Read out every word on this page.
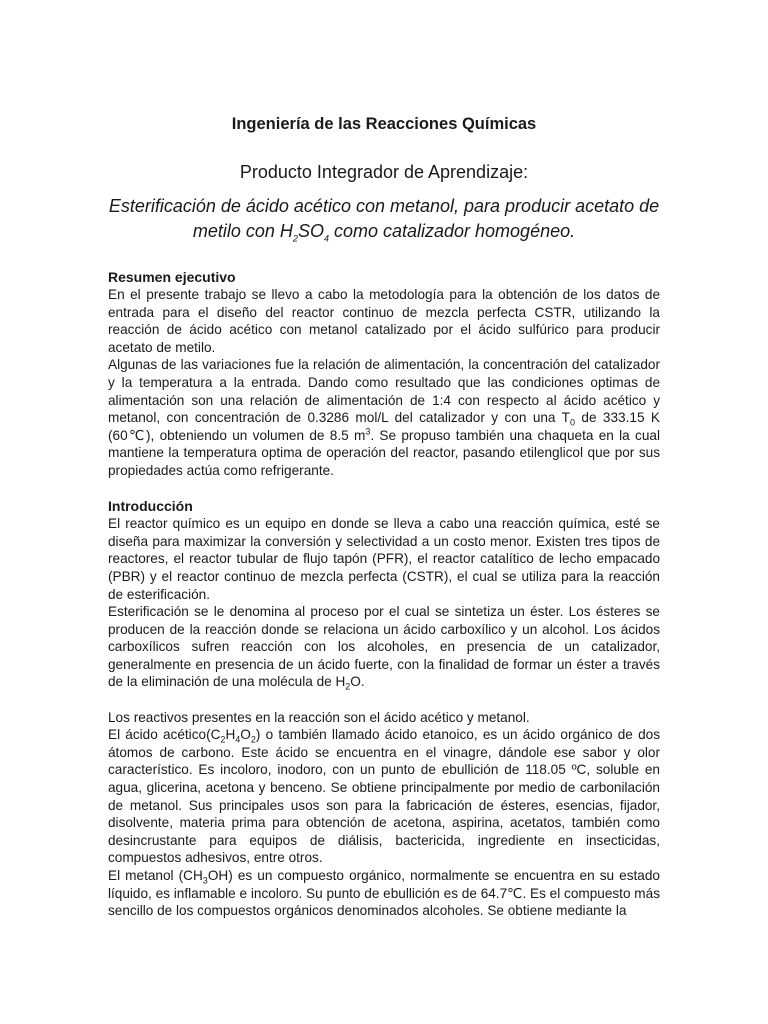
Ingeniería de las Reacciones Químicas
Producto Integrador de Aprendizaje:
Esterificación de ácido acético con metanol, para producir acetato de
metilo con $H_2SO_4$ como catalizador homogéneo.
Resumen ejecutivo

En el presente trabajo se llevo a cabo la metodología para la obtención de los datos de entrada para el diseño del reactor continuo de mezcla perfecta CSTR, utilizando la reacción de ácido acético con metanol catalizado por el ácido sulfúrico para producir acetato de metilo.

Algunas de las variaciones fue la relación de alimentación, la concentración del catalizador y la temperatura a la entrada. Dando como resultado que las condiciones optimas de alimentación son una relación de alimentación de 1:4 con respecto al ácido acético y metanol, con concentración de 0.3286 mol/L del catalizador y con una $T_0$ de 333.15 K (60℃), obteniendo un volumen de 8.5 $m^3$. Se propuso también una chaqueta en la cual mantiene la temperatura optima de operación del reactor, pasando etilenglicol que por sus propiedades actúa como refrigerante.

Introducción

El reactor químico es un equipo en donde se lleva a cabo una reacción química, esté se diseña para maximizar la conversión y selectividad a un costo menor. Existen tres tipos de reactores, el reactor tubular de flujo tapón (PFR), el reactor catalítico de lecho empacado (PBR) y el reactor continuo de mezcla perfecta (CSTR), el cual se utiliza para la reacción de esterificación.

Esterificación se le denomina al proceso por el cual se sintetiza un éster. Los ésteres se producen de la reacción donde se relaciona un ácido carboxílico y un alcohol. Los ácidos carboxílicos sufren reacción con los alcoholes, en presencia de un catalizador, generalmente en presencia de un ácido fuerte, con la finalidad de formar un éster a través de la eliminación de una molécula de $H_2O$.

Los reactivos presentes en la reacción son el ácido acético y metanol.

El ácido $acético(C_2H_4O_2)$ o también llamado ácido etanoico, es un ácido orgánico de dos átomos de carbono. Este ácido se encuentra en el vinagre, dándole ese sabor y olor característico. Es incoloro, inodoro, con un punto de ebullición de 118.05 ºC, soluble en agua, glicerina, acetona y benceno. Se obtiene principalmente por medio de carbonilación de metanol. Sus principales usos son para la fabricación de ésteres, esencias, fijador, disolvente, materia prima para obtención de acetona, aspirina, acetatos, también como desincrustante para equipos de diálisis, bactericida, ingrediente en insecticidas, compuestos adhesivos, entre otros.

El metanol $(CH_3OH)$ es un compuesto orgánico, normalmente se encuentra en su estado líquido, es inflamable e incoloro. Su punto de ebullición es de 64.7℃. Es el compuesto más sencillo de los compuestos orgánicos denominados alcoholes. Se obtiene mediante la
